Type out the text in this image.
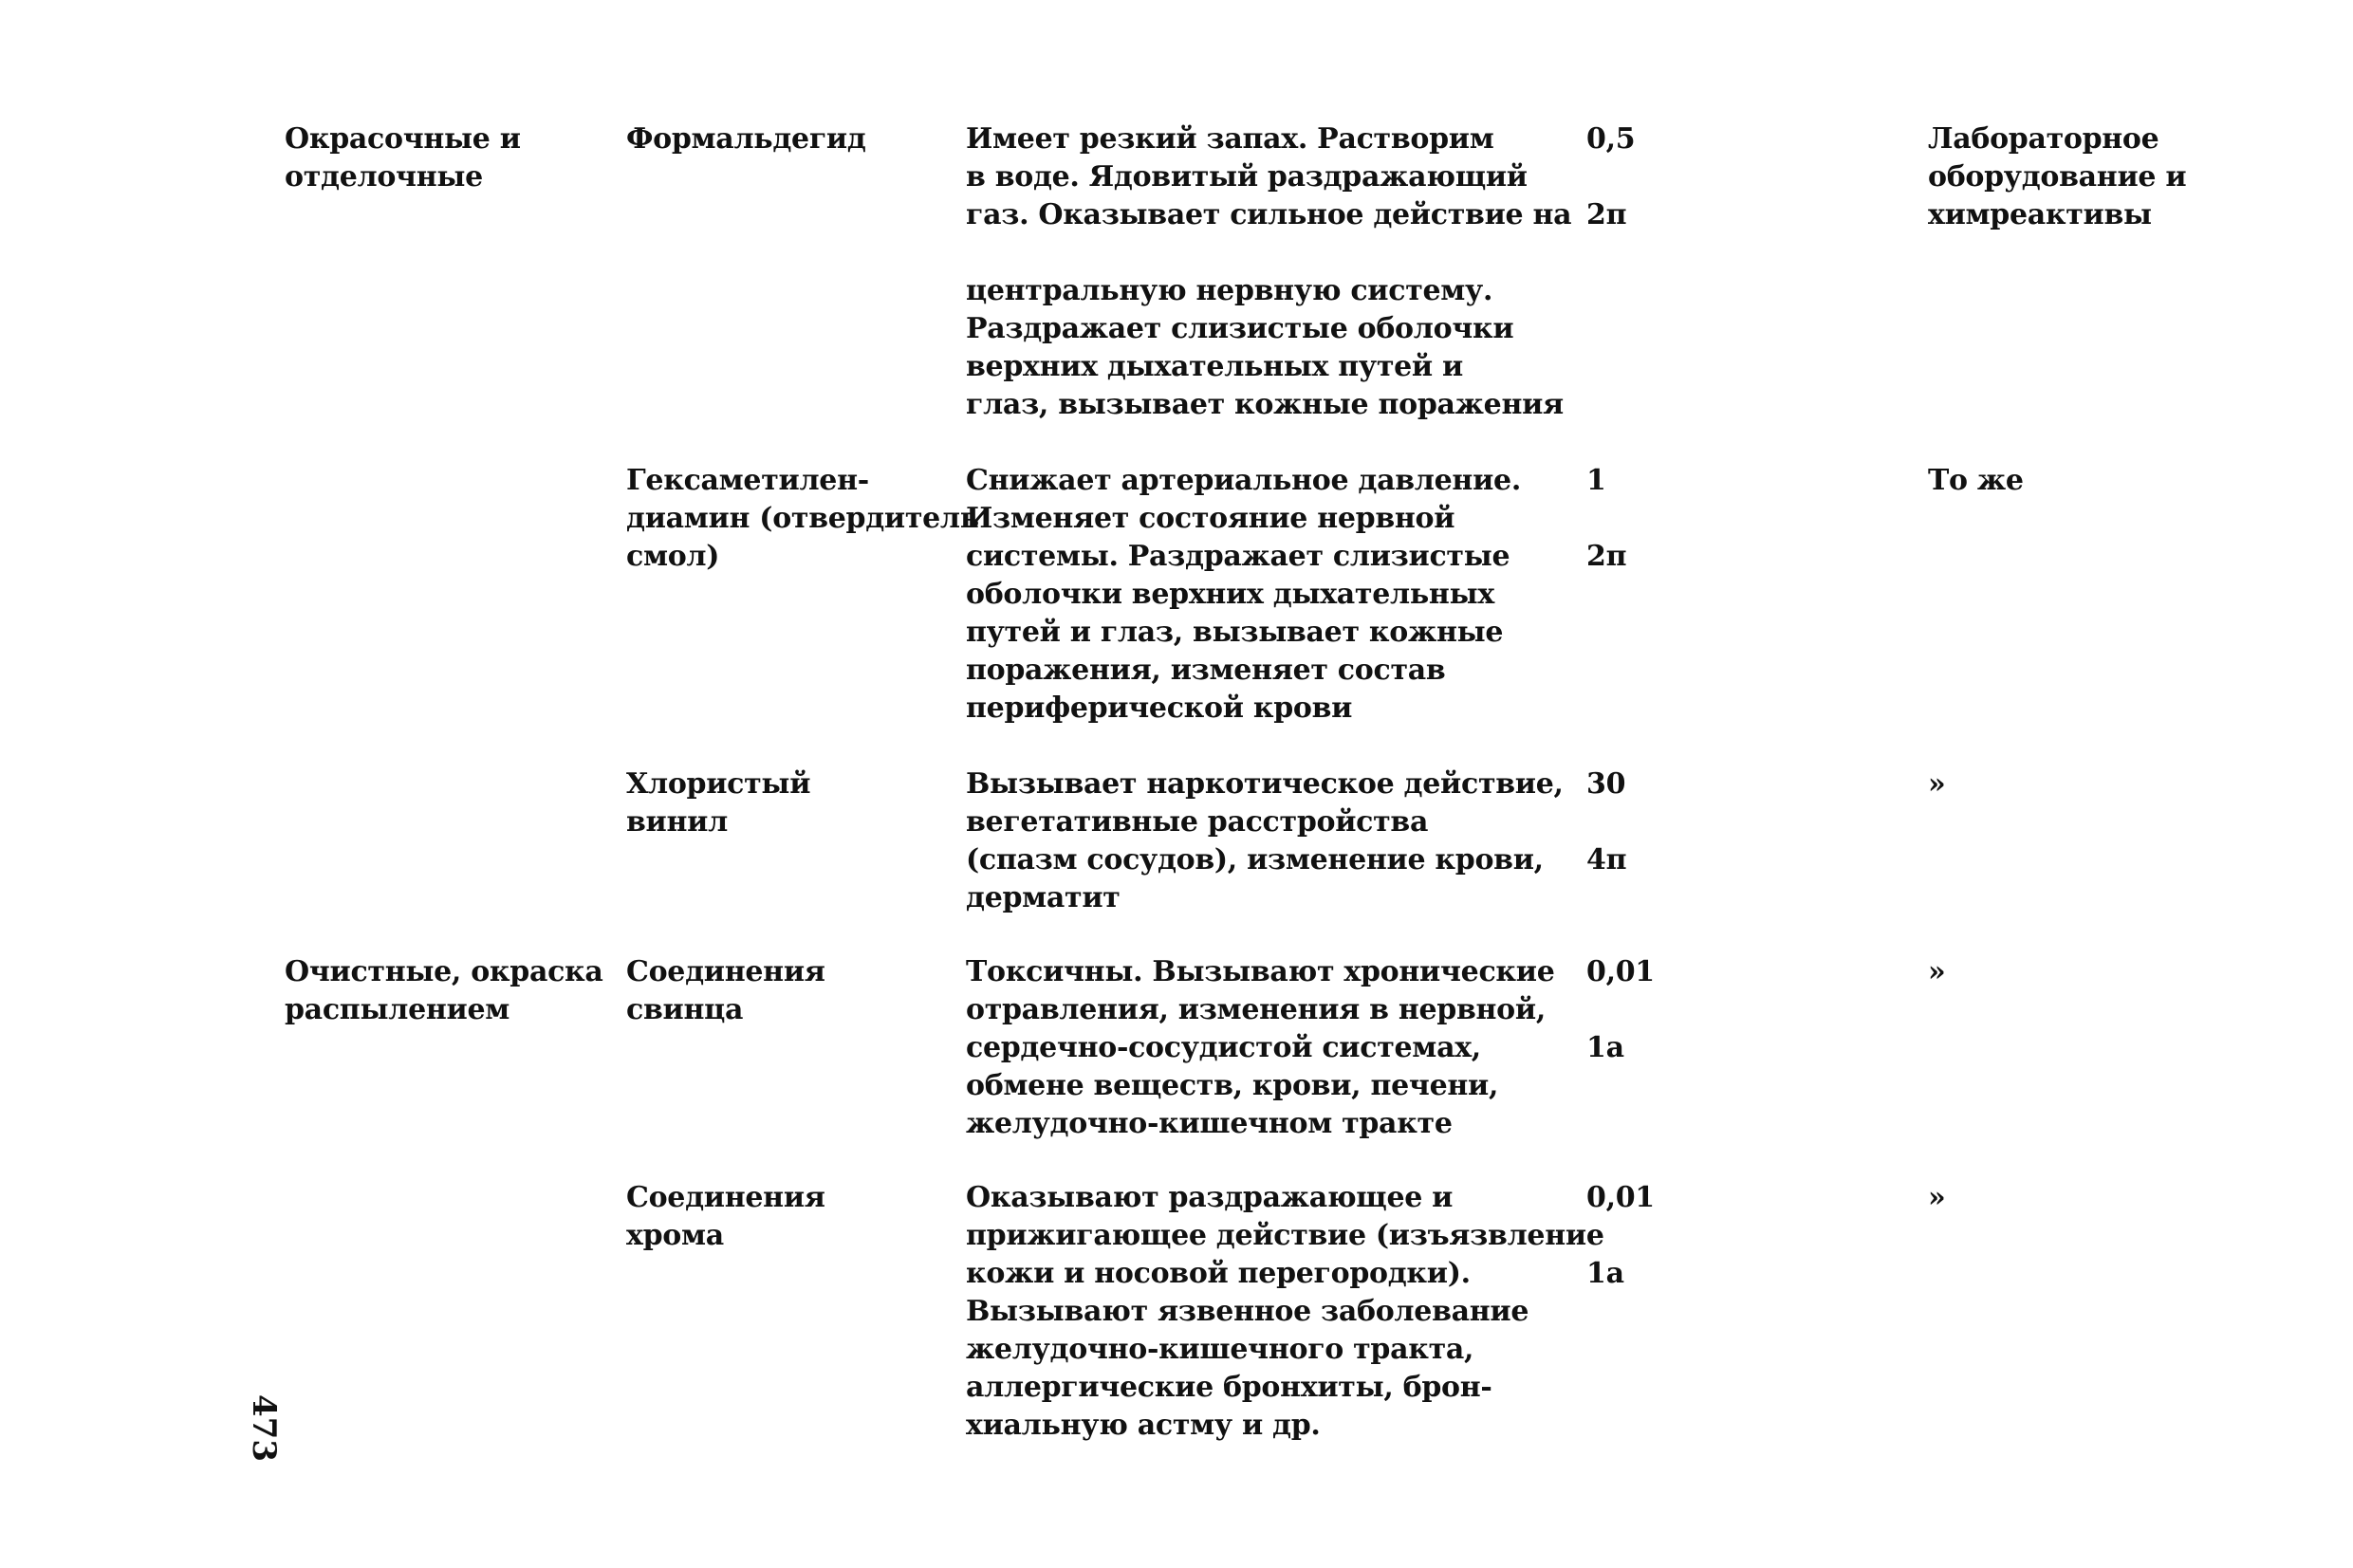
Окрасочные и
отделочные
Формальдегид	Имеет резкий запах. Растворим
в воде. Ядовитый раздражающий
газ. Оказывает сильное действие на
центральную нервную систему.
Раздражает слизистые оболочки
верхних дыхательных путей и
глаз, вызывает кожные поражения
0,5
2п
Лабораторное
оборудование и
химреактивы
Гексаметилен-
диамин (отвердитель
смол)
Снижает артериальное давление.
Изменяет состояние нервной
системы. Раздражает слизистые
оболочки верхних дыхательных
путей и глаз, вызывает кожные
поражения, изменяет состав
периферической крови
1
2п
То же
Хлористый
винил
Вызывает наркотическое действие,
вегетативные расстройства
(спазм сосудов), изменение крови,
дерматит
30
4п
»
Очистные, окраска
распылением
Соединения
свинца
Токсичны. Вызывают хронические
отравления, изменения в нервной,
сердечно-сосудистой системах,
обмене веществ, крови, печени,
желудочно-кишечном тракте
0,01
1а
»
Соединения
хрома
Оказывают раздражающее и
прижигающее действие (изъязвление
кожи и носовой перегородки).
Вызывают язвенное заболевание
желудочно-кишечного тракта,
аллергические бронхиты, брон-
хиальную астму и др.
0,01
1а
»
473
